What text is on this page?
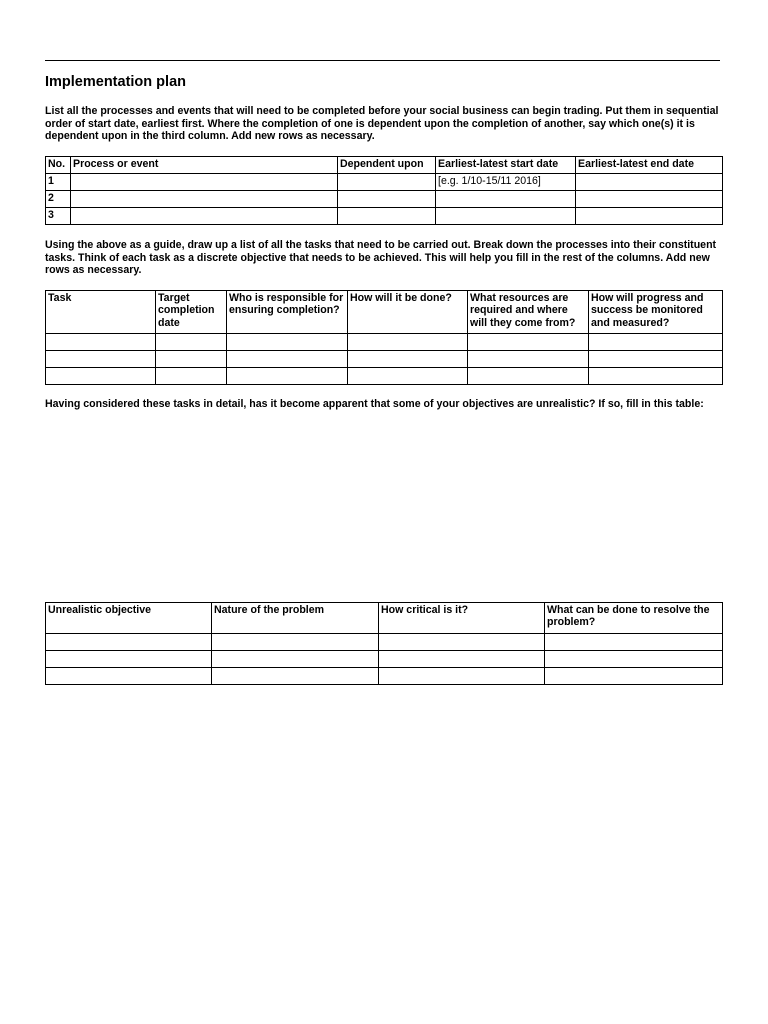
Implementation plan
List all the processes and events that will need to be completed before your social business can begin trading. Put them in sequential order of start date, earliest first. Where the completion of one is dependent upon the completion of another, say which one(s) it is dependent upon in the third column. Add new rows as necessary.
No.	Process or event	Dependent upon	Earliest-latest start date	Earliest-latest end date
1			[e.g. 1/10-15/11 2016]	
2				
3				
Using the above as a guide, draw up a list of all the tasks that need to be carried out. Break down the processes into their constituent tasks. Think of each task as a discrete objective that needs to be achieved. This will help you fill in the rest of the columns. Add new rows as necessary.
Task	Target completion date	Who is responsible for ensuring completion?	How will it be done?	What resources are required and where will they come from?	How will progress and success be monitored and measured?

Having considered these tasks in detail, has it become apparent that some of your objectives are unrealistic? If so, fill in this table:
Unrealistic objective	Nature of the problem	How critical is it?	What can be done to resolve the problem?
